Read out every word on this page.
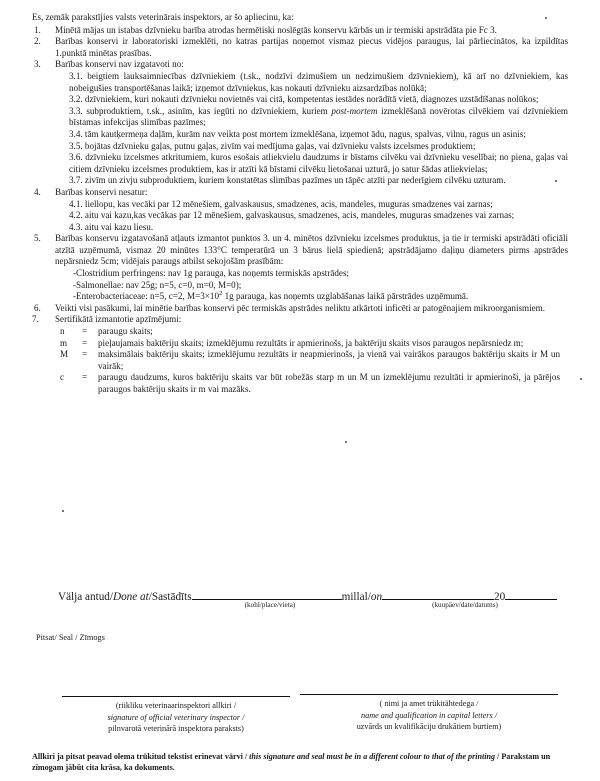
Es, zemāk parakstījies valsts veterinārais inspektors, ar šo apliecinu, ka:

1.	Minētā mājas un istabas dzīvnieku barība atrodas hermētiski noslēgtās konservu kārbās un ir termiski apstrādāta pie Fc 3.
2.	Barības konservi ir laboratoriski izmeklēti, no katras partijas noņemot vismaz piecus vidējos paraugus, lai pārliecinātos, ka izpildītas 1.punktā minētas prasības.
3.	Barības konservi nav izgatavoti no:
3.1. beigtiem lauksaimniecības dzīvniekiem (t.sk., nodzīvi dzimušiem un nedzimušiem dzīvniekiem), kā arī no dzīvniekiem, kas nobeigušies transportēšanas laikā; izņemot dzīvniekus, kas nokauti dzīvnieku aizsardzības nolūkā;
3.2. dzīvniekiem, kuri nokauti dzīvnieku novietnēs vai citā, kompetentas iestādes norādītā vietā, diagnozes uzstādīšanas nolūkos;
3.3. subproduktiem, t.sk., asinīm, kas iegūti no dzīvniekiem, kuriem post-mortem izmeklēšanā novērotas cilvēkiem vai dzīvniekiem bīstamas infekcijas slimības pazīmes;
3.4. tām kautķermeņa daļām, kurām nav veikta post mortem izmeklēšana, izņemot ādu, nagus, spalvas, vilnu, ragus un asinis;
3.5. bojātas dzīvnieku gaļas, putnu gaļas, zivīm vai medījuma gaļas, vai dzīvnieku valsts izcelsmes produktiem;
3.6. dzīvnieku izcelsmes atkritumiem, kuros esošais atliekvielu daudzums ir bīstams cilvēku vai dzīvnieku veselībai; no piena, gaļas vai citiem dzīvnieku izcelsmes produktiem, kas ir atzīti kā bīstami cilvēku lietošanai uzturā, jo satur šādas atliekvielas;
3.7. zivīm un zivju subproduktiem, kuriem konstatētas slimības pazīmes un tāpēc atzīti par nederīgiem cilvēku uzturam.
4.	Barības konservi nesatur:
4.1. liellopu, kas vecāki par 12 mēnešiem, galvaskausus, smadzenes, acis, mandeles, muguras smadzenes vai zarnas;
4.2. aitu vai kazu,kas vecākas par 12 mēnešiem, galvaskausus, smadzenes, acis, mandeles, muguras smadzenes vai zarnas;
4.3. aitu vai kazu liesu.
5.	Barības konservu izgatavošanā atļauts izmantot punktos 3. un 4. minētos dzīvnieku izcelsmes produktus, ja tie ir termiski apstrādāti oficiāli atzītā uzņēmumā, vismaz 20 minūtes 133°C temperatūrā un 3 bārus lielā spiedienā; apstrādājamo daļiņu diameters pirms apstrādes nepārsniedz 5cm; vidējais paraugs atbilst sekojošām prasībām:
-Clostridium perfringens: nav 1g parauga, kas noņemts termiskās apstrādes;
-Salmonellae: nav 25g; n=5, c=0, m=0, M=0);
-Enterobacteriaceae: n=5, c=2, $M=3\times 10^2$ 1g parauga, kas noņemts uzglabāšanas laikā pārstrādes uzņēmumā.
6.	Veikti visi pasākumi, lai minētie barības konservi pēc termiskās apstrādes neliktu atkārtoti inficēti ar patogēnajiem mikroorganismiem.
7.	Sertifikātā izmantotie apzīmējumi:
n	=	paraugu skaits;
m	=	pieļaujamais baktēriju skaits; izmeklējumu rezultāts ir apmierinošs, ja baktēriju skaits visos paraugos nepārsniedz m;
M	=	maksimālais baktēriju skaits; izmeklējumu rezultāts ir neapmierinošs, ja vienā vai vairākos paraugos baktēriju skaits ir M un vairāk;
c	=	paraugu daudzums, kuros baktēriju skaits var būt robežās starp m un M un izmeklējumu rezultāti ir apmierinoši, ja pārējos paraugos baktēriju skaits ir m vai mazāks.
Välja antud/Done at/Sastādīts	millal/on	20
(kohl/place/vieta)	(kuupäev/date/datums)
Pitsat/ Seal / Zīmogs
(riikliku veterinaarinspektori allkiri /
signature of official veterinary inspector /
pilnvarotā veterinārā inspektora paraksts)
( nimi ja amet trükitähtedega /
name and qualification in capital letters /
uzvārds un kvalifikāciju drukātiem burtiem)
Allkiri ja pitsat peavad olema trükitud tekstist erinevat värvi / this signature and seal must be in a different colour to that of the printing / Parakstam un zīmogam jābūt cita krāsa, ka dokuments.
